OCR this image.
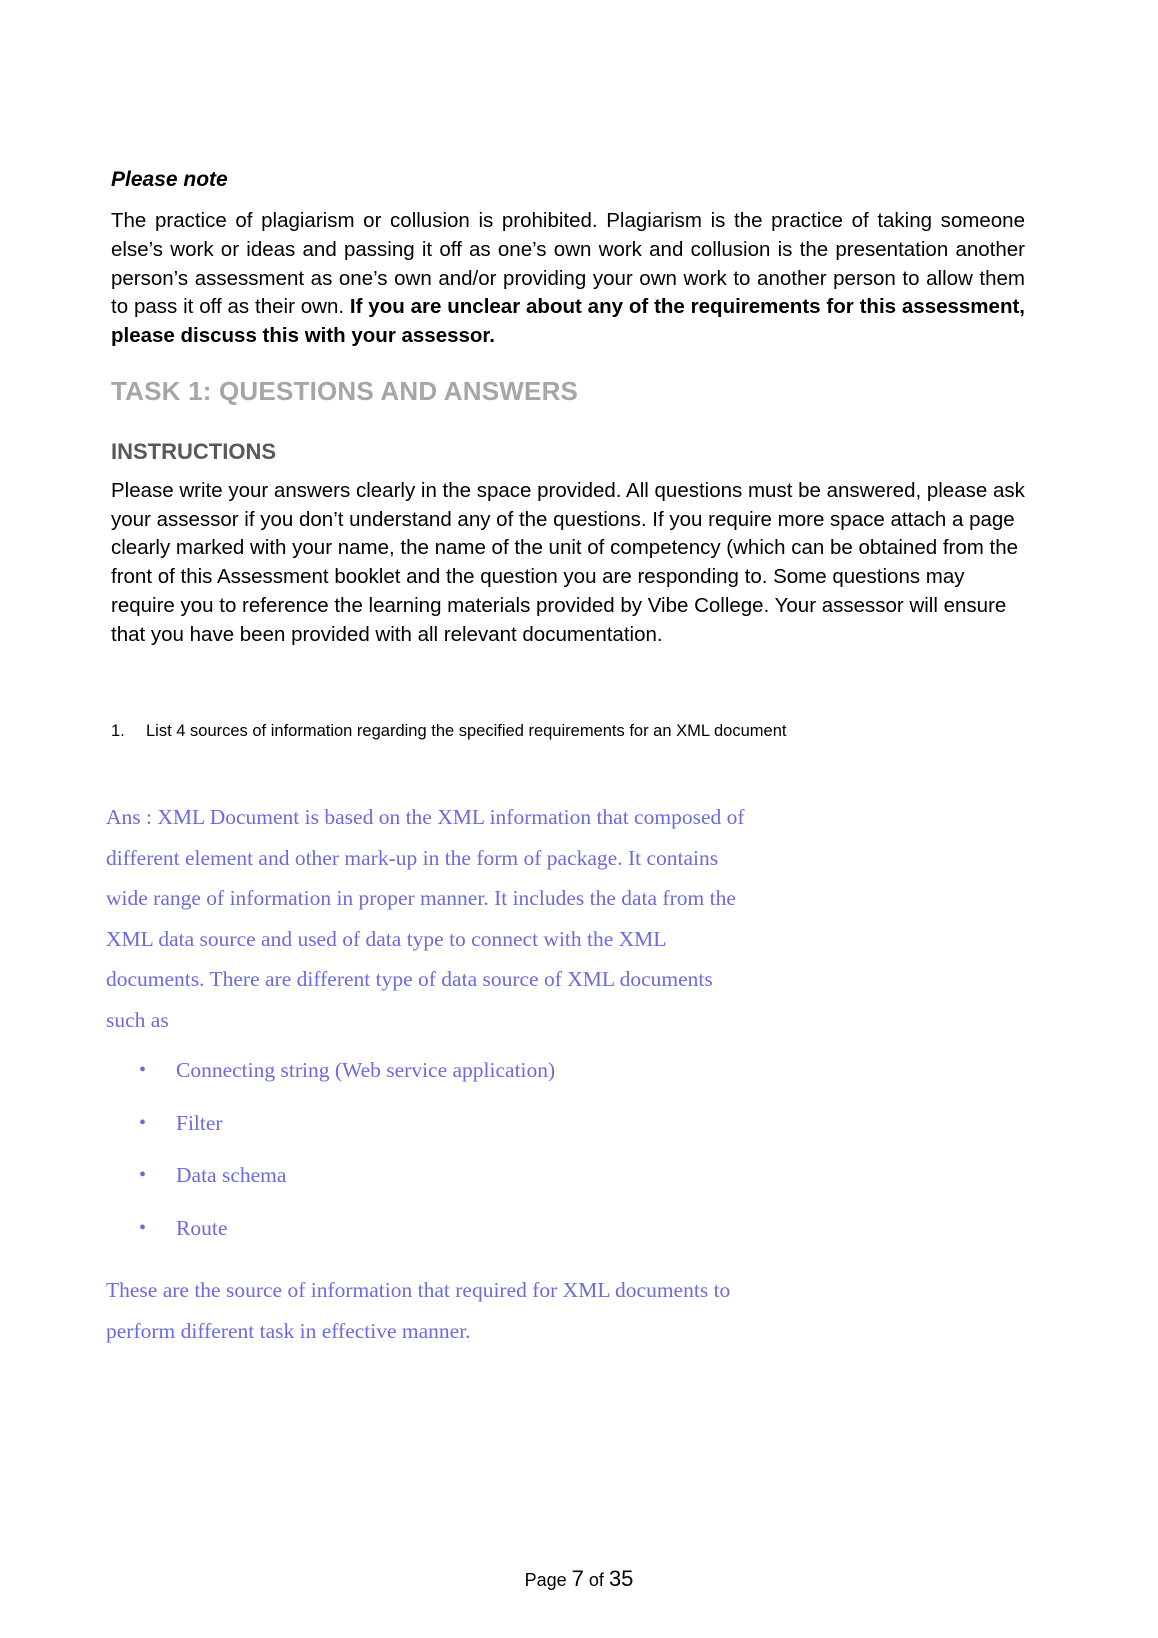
Please note
The practice of plagiarism or collusion is prohibited. Plagiarism is the practice of taking someone else’s work or ideas and passing it off as one’s own work and collusion is the presentation another person’s assessment as one’s own and/or providing your own work to another person to allow them to pass it off as their own. If you are unclear about any of the requirements for this assessment, please discuss this with your assessor.
TASK 1: QUESTIONS AND ANSWERS
INSTRUCTIONS
Please write your answers clearly in the space provided. All questions must be answered, please ask your assessor if you don’t understand any of the questions. If you require more space attach a page clearly marked with your name, the name of the unit of competency (which can be obtained from the front of this Assessment booklet and the question you are responding to. Some questions may require you to reference the learning materials provided by Vibe College. Your assessor will ensure that you have been provided with all relevant documentation.
1. List 4 sources of information regarding the specified requirements for an XML document

Ans : XML Document is based on the XML information that composed of different element and other mark-up in the form of package. It contains wide range of information in proper manner. It includes the data from the XML data source and used of data type to connect with the XML documents. There are different type of data source of XML documents such as

• Connecting string (Web service application)
• Filter
• Data schema
• Route

These are the source of information that required for XML documents to perform different task in effective manner.

Page 7 of 35
